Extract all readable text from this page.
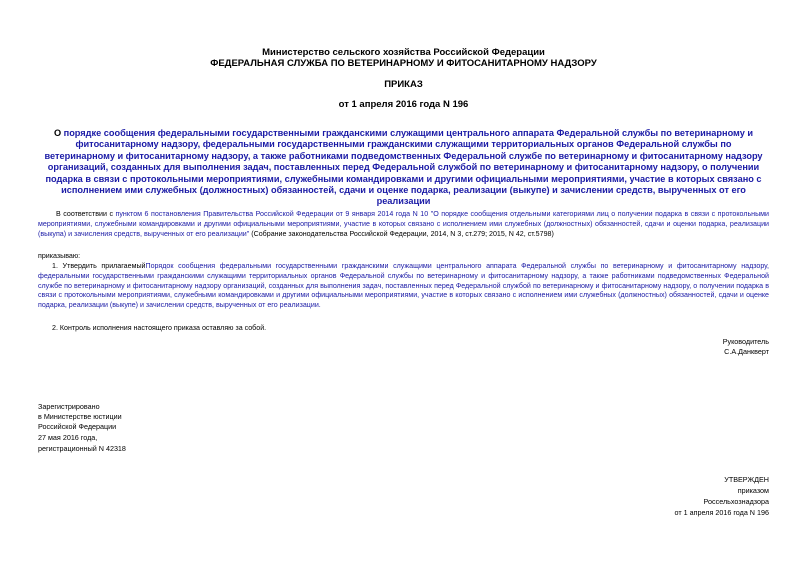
Министерство сельского хозяйства Российской Федерации
ФЕДЕРАЛЬНАЯ СЛУЖБА ПО ВЕТЕРИНАРНОМУ И ФИТОСАНИТАРНОМУ НАДЗОРУ
ПРИКАЗ
от 1 апреля 2016 года N 196
О порядке сообщения федеральными государственными гражданскими служащими центрального аппарата Федеральной службы по ветеринарному и фитосанитарному надзору, федеральными государственными гражданскими служащими территориальных органов Федеральной службы по ветеринарному и фитосанитарному надзору, а также работниками подведомственных Федеральной службе по ветеринарному и фитосанитарному надзору организаций, созданных для выполнения задач, поставленных перед Федеральной службой по ветеринарному и фитосанитарному надзору, о получении подарка в связи с протокольными мероприятиями, служебными командировками и другими официальными мероприятиями, участие в которых связано с исполнением ими служебных (должностных) обязанностей, сдачи и оценке подарка, реализации (выкупе) и зачислении средств, вырученных от его реализации
В соответствии с пунктом 6 постановления Правительства Российской Федерации от 9 января 2014 года N 10 "О порядке сообщения отдельными категориями лиц о получении подарка в связи с протокольными мероприятиями, служебными командировками и другими официальными мероприятиями, участие в которых связано с исполнением ими служебных (должностных) обязанностей, сдачи и оценки подарка, реализации (выкупа) и зачисления средств, вырученных от его реализации" (Собрание законодательства Российской Федерации, 2014, N 3, ст.279; 2015, N 42, ст.5798)
приказываю:
1. Утвердить прилагаемыйПорядок сообщения федеральными государственными гражданскими служащими центрального аппарата Федеральной службы по ветеринарному и фитосанитарному надзору, федеральными государственными гражданскими служащими территориальных органов Федеральной службы по ветеринарному и фитосанитарному надзору, а также работниками подведомственных Федеральной службе по ветеринарному и фитосанитарному надзору организаций, созданных для выполнения задач, поставленных перед Федеральной службой по ветеринарному и фитосанитарному надзору, о получении подарка в связи с протокольными мероприятиями, служебными командировками и другими официальными мероприятиями, участие в которых связано с исполнением ими служебных (должностных) обязанностей, сдачи и оценке подарка, реализации (выкупе) и зачислении средств, вырученных от его реализации.
2. Контроль исполнения настоящего приказа оставляю за собой.
Руководитель
С.А.Данкверт
Зарегистрировано
в Министерстве юстиции
Российской Федерации
27 мая 2016 года,
регистрационный N 42318
УТВЕРЖДЕН
приказом
Россельхознадзора
от 1 апреля 2016 года N 196
